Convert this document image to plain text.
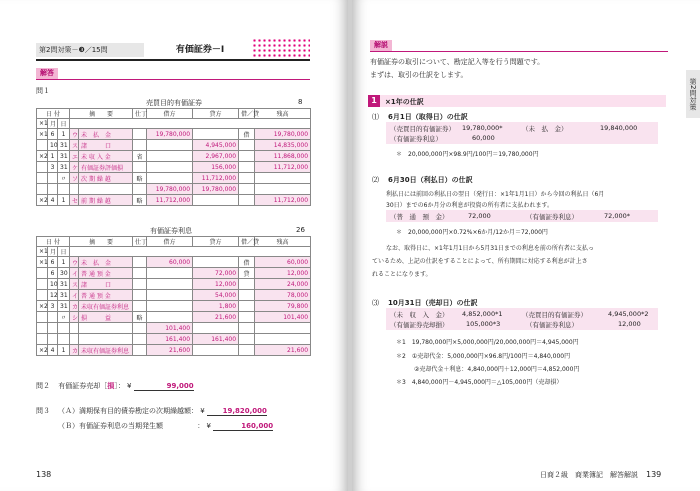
第2問対策－❸／15問	有価証券－Ⅰ
解答
問１
売買目的有価証券	8
日 付			摘　　要		仕丁	借方	貸方	借／貸	残高
×1	月	日							
×1	6	1	ウ	未　払　金		19,780,000		借	19,780,000
	10	31	ス	諸　　　口			4,945,000		14,835,000
×2	1	31	エ	未 収 入 金	省		2,967,000		11,868,000
	3	31	ケ	有価証券評価損			156,000		11,712,000
		〃	ソ	次 期 繰 越	略		11,712,000		
						19,780,000	19,780,000		
×2	4	1	セ	前 期 繰 越	略	11,712,000			11,712,000
有価証券利息	26
日 付			摘　　要		仕丁	借方	貸方	借／貸	残高
×1	月	日							
×1	6	1	ウ	未　払　金		60,000		借	60,000
	6	30	イ	普 通 預 金			72,000	貸	12,000
	10	31	ス	諸　　　口			12,000		24,000
	12	31	イ	普 通 預 金			54,000		78,000
×2	3	31	カ	未収有価証券利息			1,800		79,800
		〃	シ	損　　　益	略		21,600		101,400
						101,400			
						161,400	161,400		
×2	4	1	カ	未収有価証券利息		21,600			21,600
問２ 有価証券売却［損］： ¥	99,000
問３ （Ａ）満期保有目的債券勘定の次期繰越額： ¥	19,820,000
（Ｂ）有価証券利息の当期発生額	： ¥	160,000
138
解説
第2問対策
有価証券の取引について、勘定記入等を行う問題です。
まずは、取引の仕訳をします。
1	×1年の仕訳
⑴ 6月1日（取得日）の仕訳
（売買目的有価証券） 19,780,000*	（未　払　金）	19,840,000
（有価証券利息）	60,000
＊　20,000,000円×98.9円/100円＝19,780,000円
⑵ 6月30日（利払日）の仕訳
利払日には前回の利払日の翌日（発行日：×1年1月1日）から今回の利払日（6月
30日）までの6か月分の利息が投資の所有者に支払われます。
（普　通　預　金）	72,000	（有価証券利息）	72,000*
＊　20,000,000円×0.72%×6か月/12か月＝72,000円
なお、取得日に、×1年1月1日から5月31日までの利息を前の所有者に支払っ
ているため、上記の仕訳をすることによって、所有期間に対応する利息が計上さ
れることになります。
⑶ 10月31日（売却日）の仕訳
（未　収　入　金） 4,852,000*1	（売買目的有価証券）	4,945,000*2
（有価証券売却損）	105,000*3	（有価証券利息）	12,000
＊1　19,780,000円×5,000,000円/20,000,000円＝4,945,000円
＊2　①売却代金：5,000,000円×96.8円/100円＝4,840,000円
②売却代金＋利息：4,840,000円＋12,000円＝4,852,000円
＊3　4,840,000円－4,945,000円＝△105,000円（売却損）
日商２級　商業簿記　解答解説 139
